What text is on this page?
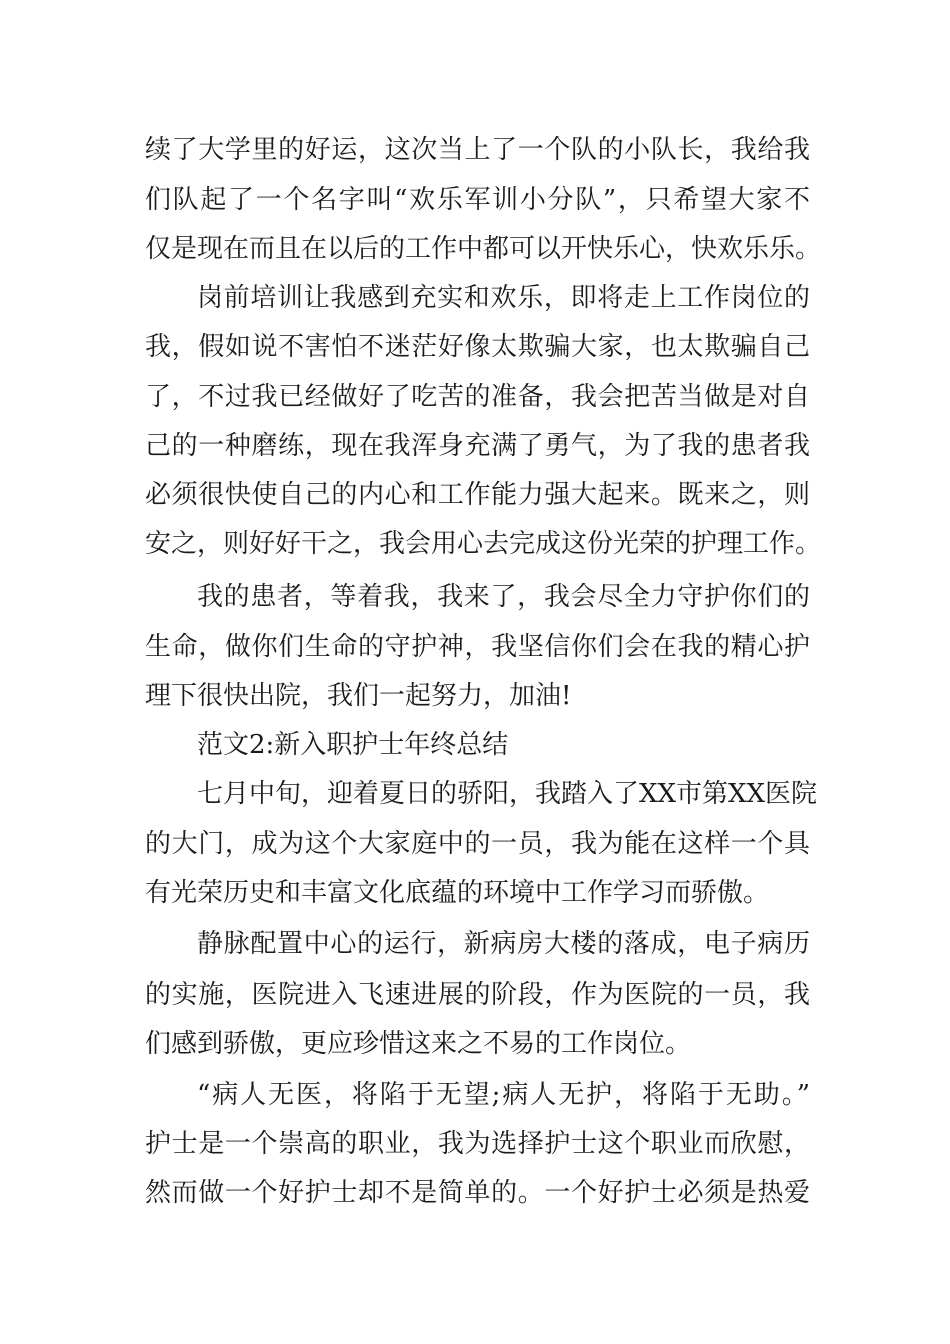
续了大学里的好运，这次当上了一个队的小队长，我给我
们队起了一个名字叫“欢乐军训小分队”，只希望大家不
仅是现在而且在以后的工作中都可以开快乐心，快欢乐乐。
岗前培训让我感到充实和欢乐，即将走上工作岗位的
我，假如说不害怕不迷茫好像太欺骗大家，也太欺骗自己
了，不过我已经做好了吃苦的准备，我会把苦当做是对自
己的一种磨练，现在我浑身充满了勇气，为了我的患者我
必须很快使自己的内心和工作能力强大起来。既来之，则
安之，则好好干之，我会用心去完成这份光荣的护理工作。
我的患者，等着我，我来了，我会尽全力守护你们的
生命，做你们生命的守护神，我坚信你们会在我的精心护
理下很快出院，我们一起努力，加油!
范文2:新入职护士年终总结
七月中旬，迎着夏日的骄阳，我踏入了XX市第XX医院
的大门，成为这个大家庭中的一员，我为能在这样一个具
有光荣历史和丰富文化底蕴的环境中工作学习而骄傲。
静脉配置中心的运行，新病房大楼的落成，电子病历
的实施，医院进入飞速进展的阶段，作为医院的一员，我
们感到骄傲，更应珍惜这来之不易的工作岗位。
“病人无医，将陷于无望;病人无护，将陷于无助。”
护士是一个崇高的职业，我为选择护士这个职业而欣慰，
然而做一个好护士却不是简单的。一个好护士必须是热爱
